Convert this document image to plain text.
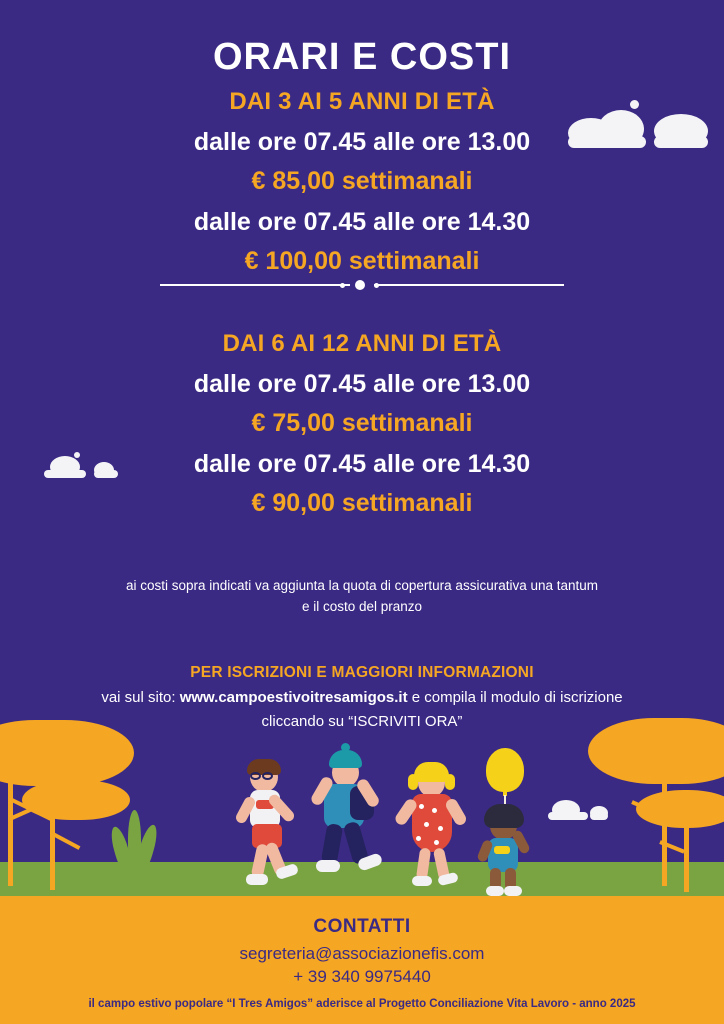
ORARI E COSTI
DAI 3 AI 5 ANNI DI ETÀ
dalle ore 07.45 alle ore 13.00
€ 85,00 settimanali
dalle ore 07.45 alle ore 14.30
€ 100,00 settimanali
DAI 6 AI 12 ANNI DI ETÀ
dalle ore 07.45 alle ore 13.00
€ 75,00 settimanali
dalle ore 07.45 alle ore 14.30
€ 90,00 settimanali
ai costi sopra indicati va aggiunta la quota di copertura assicurativa una tantum
e il costo del pranzo
PER ISCRIZIONI E MAGGIORI INFORMAZIONI
vai sul sito: www.campoestivoitresamigos.it e compila il modulo di iscrizione
cliccando su “ISCRIVITI ORA”
CONTATTI
segreteria@associazionefis.com
+ 39 340 9975440
il campo estivo popolare “I Tres Amigos” aderisce al Progetto Conciliazione Vita Lavoro - anno 2025
